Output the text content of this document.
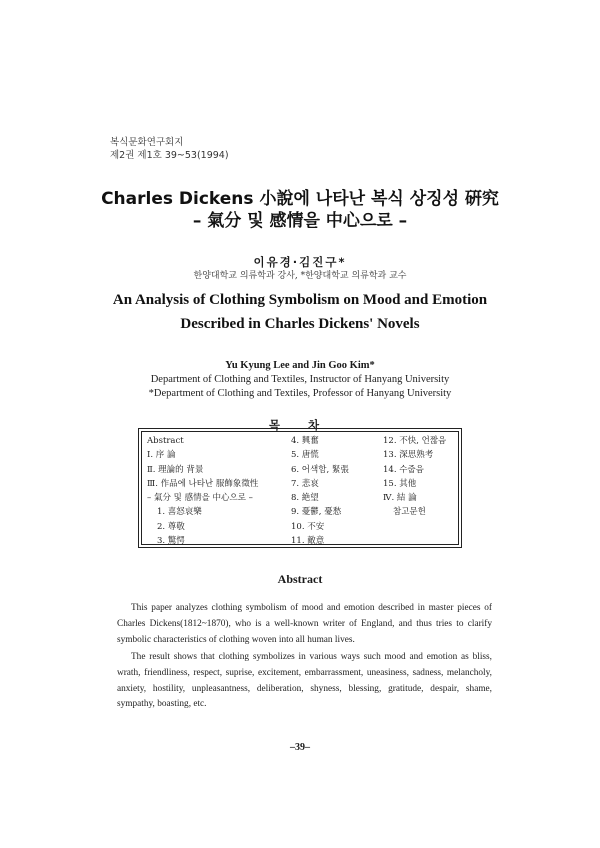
복식문화연구회지
제2권 제1호 39~53(1994)
Charles Dickens 小說에 나타난 복식 상징성 硏究
– 氣分 및 感情을 中心으로 –
이유경·김진구*
한양대학교 의류학과 강사, *한양대학교 의류학과 교수
An Analysis of Clothing Symbolism on Mood and Emotion
Described in Charles Dickens' Novels
Yu Kyung Lee and Jin Goo Kim*
Department of Clothing and Textiles, Instructor of Hanyang University
*Department of Clothing and Textiles, Professor of Hanyang University
목 차
Abstract
Ⅰ. 序 論
Ⅱ. 理論的 背景
Ⅲ. 作品에 나타난 服飾象徵性
– 氣分 및 感情을 中心으로 –
1. 喜怒哀樂
2. 尊敬
3. 驚愕
4. 興奮
5. 唐慌
6. 어색함, 緊張
7. 悲哀
8. 絶望
9. 憂鬱, 憂愁
10. 不安
11. 敵意
12. 不快, 언짢음
13. 深思熟考
14. 수줍음
15. 其他
Ⅳ. 結 論
참고문헌
Abstract

This paper analyzes clothing symbolism of mood and emotion described in master pieces of Charles Dickens(1812~1870), who is a well-known writer of England, and thus tries to clarify symbolic characteristics of clothing woven into all human lives.

The result shows that clothing symbolizes in various ways such mood and emotion as bliss, wrath, friendliness, respect, suprise, excitement, embarrassment, uneasiness, sadness, melancholy, anxiety, hostility, unpleasantness, deliberation, shyness, blessing, gratitude, despair, shame, sympathy, boasting, etc.

–39–
